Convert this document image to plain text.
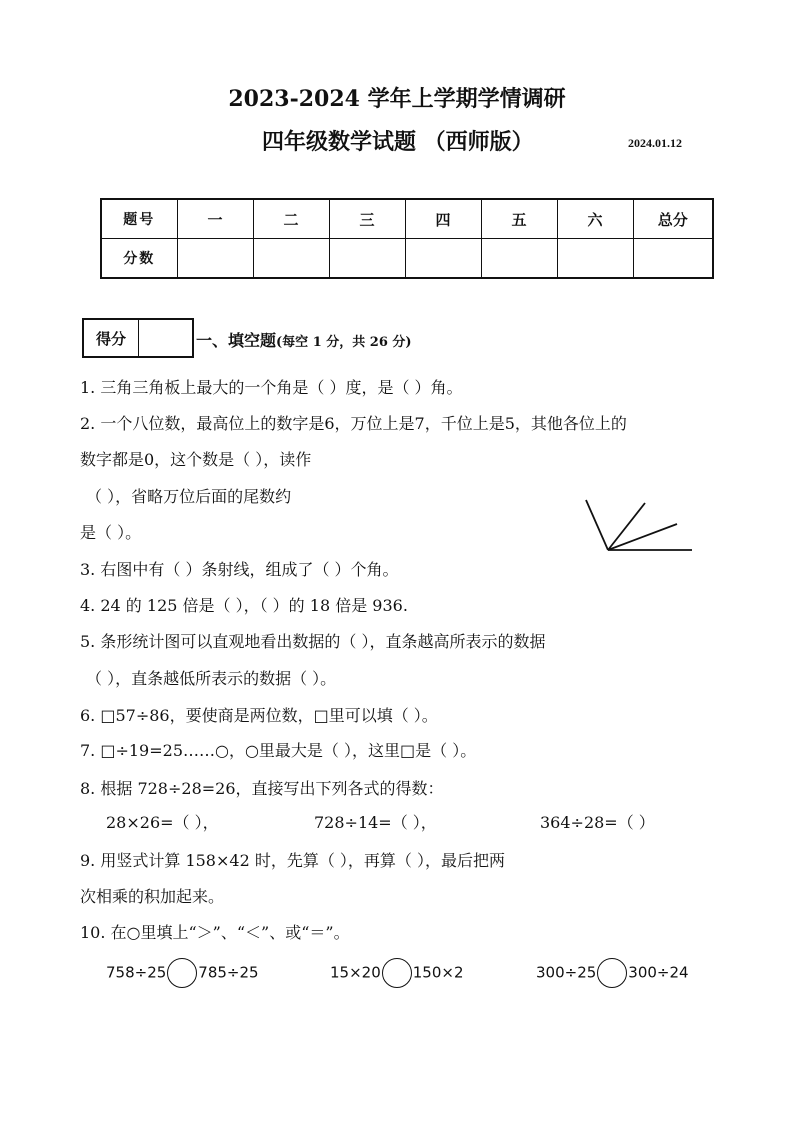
2023-2024 学年上学期学情调研
四年级数学试题 （西师版）	2024.01.12
题号	一	二	三	四	五	六	总分
分数							
得分	一、填空题(每空 1 分，共 26 分)
1. 三角三角板上最大的一个角是（ ）度，是（ ）角。
2. 一个八位数，最高位上的数字是6，万位上是7，千位上是5，其他各位上的
数字都是0，这个数是（ ），读作
（ ），省略万位后面的尾数约
是（ ）。
3. 右图中有（ ）条射线，组成了（ ）个角。
4. 24 的 125 倍是（ ），（ ）的 18 倍是 936.
5. 条形统计图可以直观地看出数据的（ ），直条越高所表示的数据
（ ），直条越低所表示的数据（ ）。
6. □57÷86，要使商是两位数，□里可以填（ ）。
7. □÷19=25……○，○里最大是（ ），这里□是（ ）。
8. 根据 728÷28=26，直接写出下列各式的得数：
28×26=（ ），	728÷14=（ ），	364÷28=（ ）
9. 用竖式计算 158×42 时，先算（ ），再算（ ），最后把两
次相乘的积加起来。
10. 在○里填上“＞”、“＜”、或“＝”。
758÷25 785÷25	15×20 150×2	300÷25 300÷24
